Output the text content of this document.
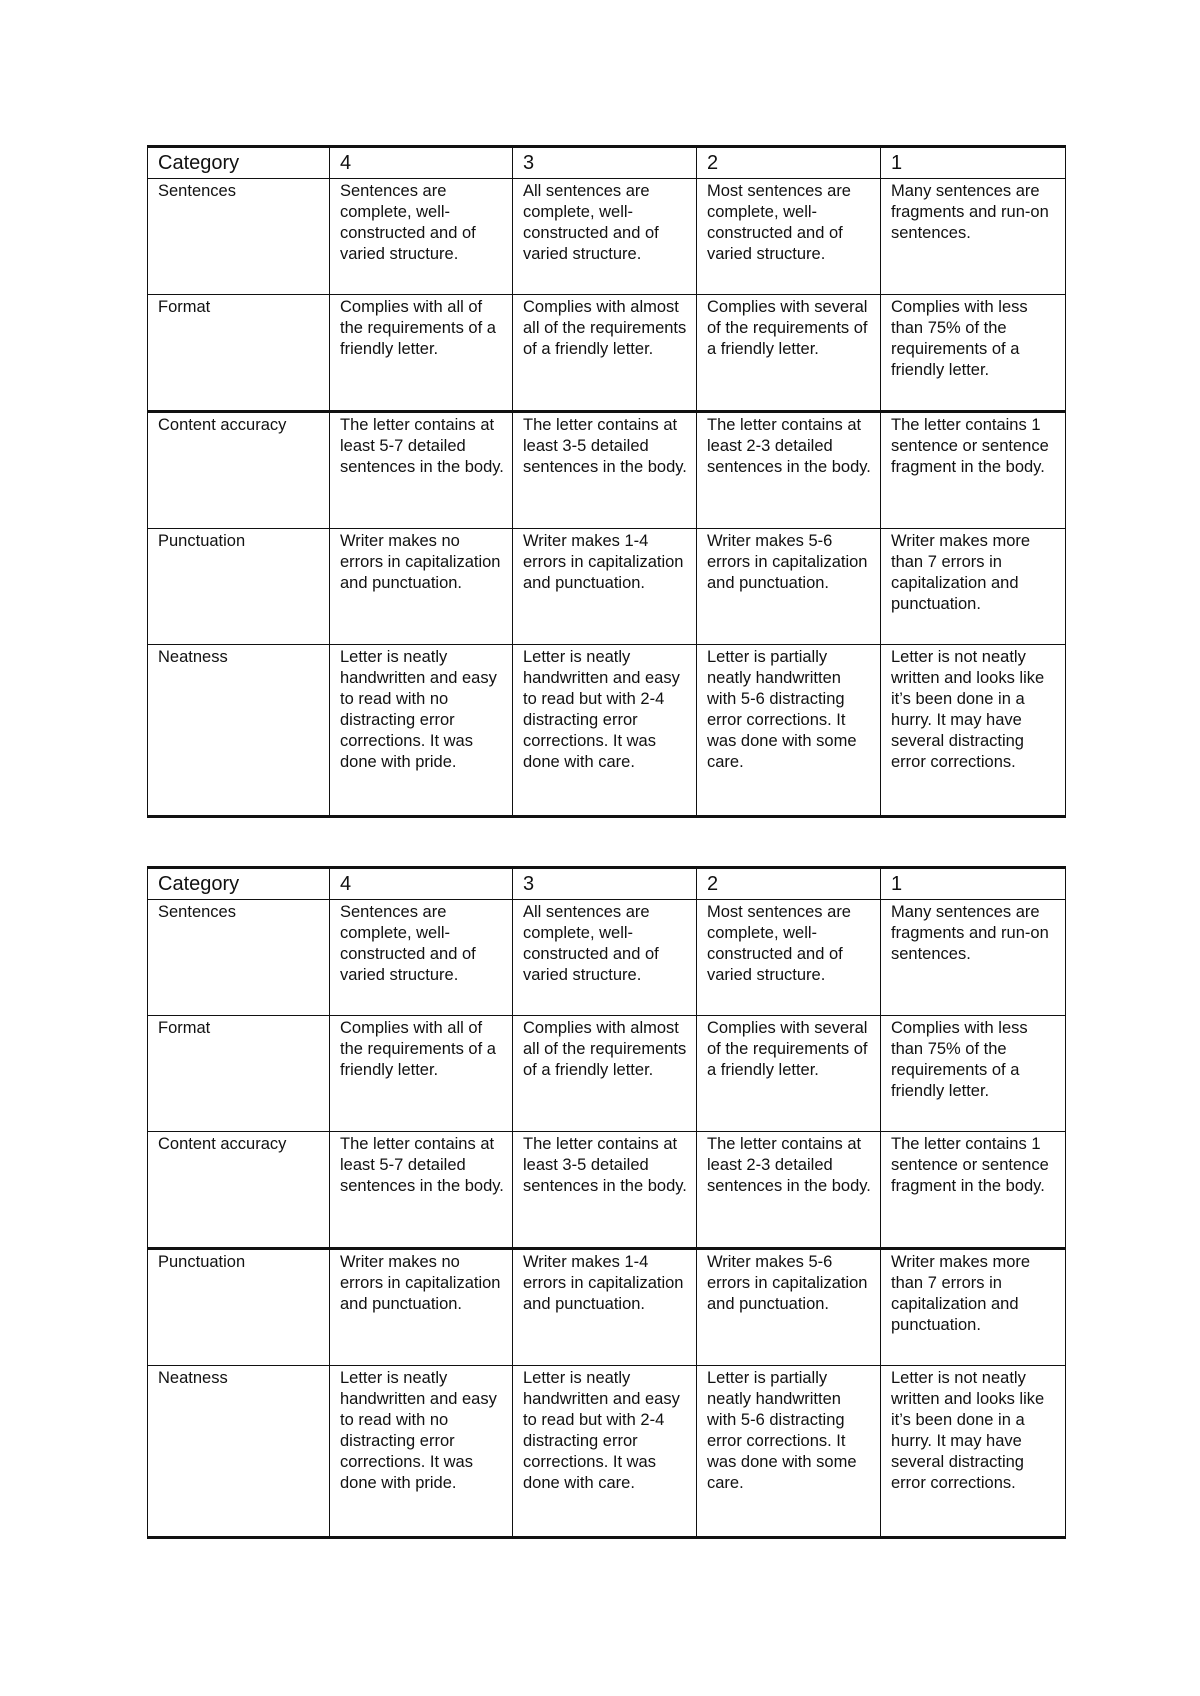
Category	4	3	2	1
Sentences	Sentences are complete, well-constructed and of varied structure.	All sentences are complete, well-constructed and of varied structure.	Most sentences are complete, well-constructed and of varied structure.	Many sentences are fragments and run-on sentences.
Format	Complies with all of the requirements of a friendly letter.	Complies with almost all of the requirements of a friendly letter.	Complies with several of the requirements of a friendly letter.	Complies with less than 75% of the requirements of a friendly letter.
Content accuracy	The letter contains at least 5-7 detailed sentences in the body.	The letter contains at least 3-5 detailed sentences in the body.	The letter contains at least 2-3 detailed sentences in the body.	The letter contains 1 sentence or sentence fragment in the body.
Punctuation	Writer makes no errors in capitalization and punctuation.	Writer makes 1-4 errors in capitalization and punctuation.	Writer makes 5-6 errors in capitalization and punctuation.	Writer makes more than 7 errors in capitalization and punctuation.
Neatness	Letter is neatly handwritten and easy to read with no distracting error corrections. It was done with pride.	Letter is neatly handwritten and easy to read but with 2-4 distracting error corrections. It was done with care.	Letter is partially neatly handwritten with 5-6 distracting error corrections. It was done with some care.	Letter is not neatly written and looks like it’s been done in a hurry. It may have several distracting error corrections.
Category	4	3	2	1
Sentences	Sentences are complete, well-constructed and of varied structure.	All sentences are complete, well-constructed and of varied structure.	Most sentences are complete, well-constructed and of varied structure.	Many sentences are fragments and run-on sentences.
Format	Complies with all of the requirements of a friendly letter.	Complies with almost all of the requirements of a friendly letter.	Complies with several of the requirements of a friendly letter.	Complies with less than 75% of the requirements of a friendly letter.
Content accuracy	The letter contains at least 5-7 detailed sentences in the body.	The letter contains at least 3-5 detailed sentences in the body.	The letter contains at least 2-3 detailed sentences in the body.	The letter contains 1 sentence or sentence fragment in the body.
Punctuation	Writer makes no errors in capitalization and punctuation.	Writer makes 1-4 errors in capitalization and punctuation.	Writer makes 5-6 errors in capitalization and punctuation.	Writer makes more than 7 errors in capitalization and punctuation.
Neatness	Letter is neatly handwritten and easy to read with no distracting error corrections. It was done with pride.	Letter is neatly handwritten and easy to read but with 2-4 distracting error corrections. It was done with care.	Letter is partially neatly handwritten with 5-6 distracting error corrections. It was done with some care.	Letter is not neatly written and looks like it’s been done in a hurry. It may have several distracting error corrections.
